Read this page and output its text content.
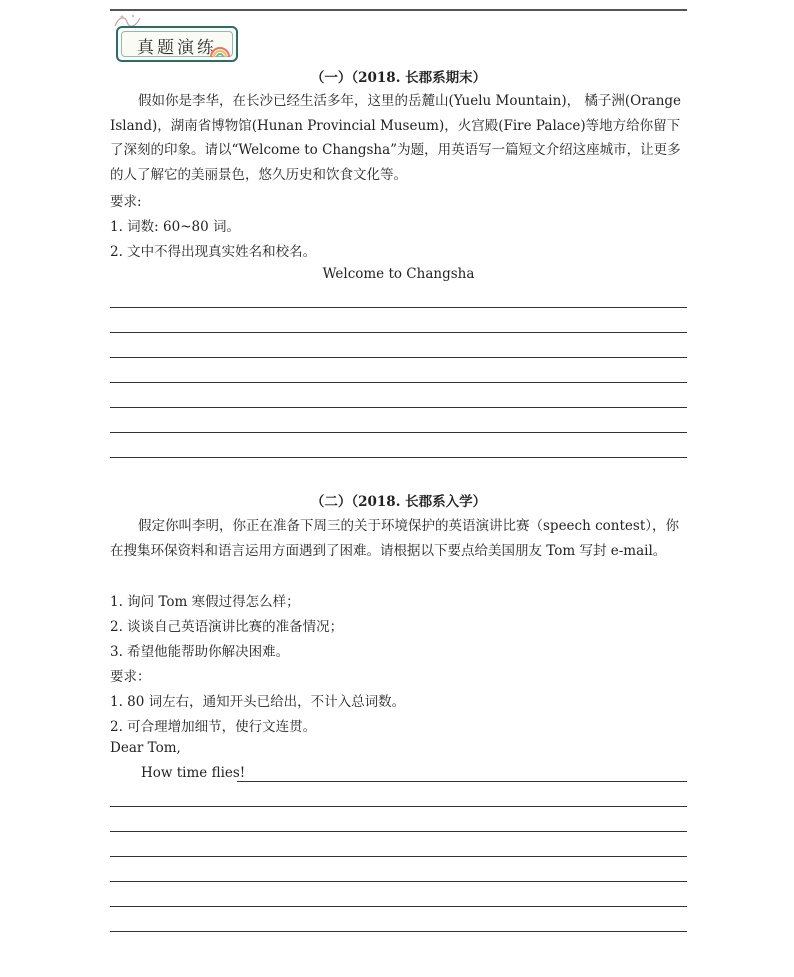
真题演练
（一）（2018. 长郡系期末）

假如你是李华，在长沙已经生活多年，这里的岳麓山(Yuelu Mountain)， 橘子洲(Orange Island)，湖南省博物馆(Hunan Provincial Museum)，火宫殿(Fire Palace)等地方给你留下了深刻的印象。请以“Welcome to Changsha”为题，用英语写一篇短文介绍这座城市，让更多的人了解它的美丽景色，悠久历史和饮食文化等。

要求:
1. 词数: 60~80 词。
2. 文中不得出现真实姓名和校名。
Welcome to Changsha
（二）（2018. 长郡系入学）

假定你叫李明，你正在准备下周三的关于环境保护的英语演讲比赛（speech contest），你在搜集环保资料和语言运用方面遇到了困难。请根据以下要点给美国朋友 Tom 写封 e-mail。

1. 询问 Tom 寒假过得怎么样；
2. 谈谈自己英语演讲比赛的准备情况；
3. 希望他能帮助你解决困难。
要求：
1. 80 词左右，通知开头已给出，不计入总词数。
2. 可合理增加细节，使行文连贯。
Dear Tom,
How time flies!
